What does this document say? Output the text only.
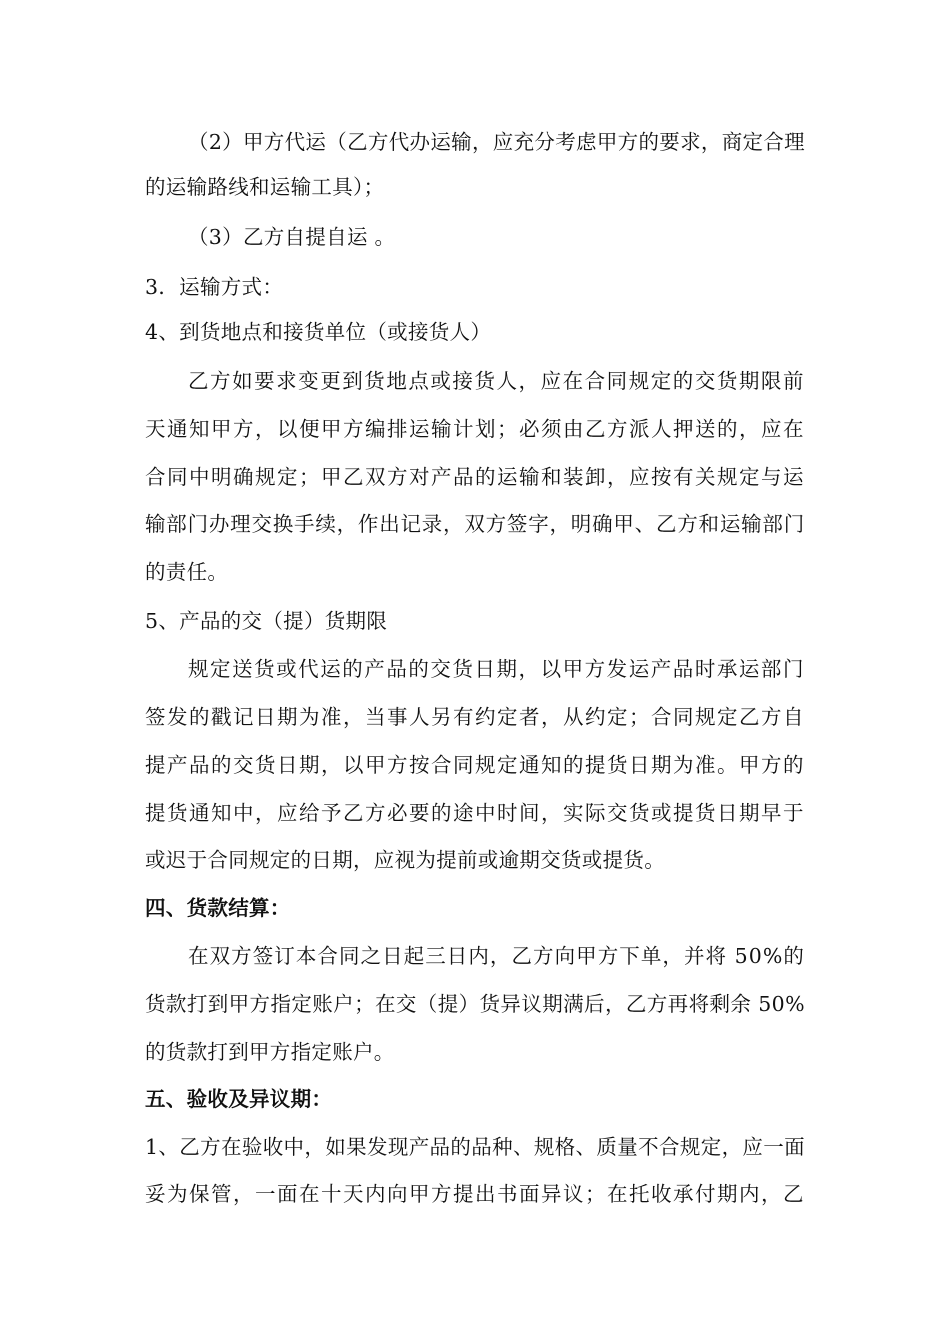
（2）甲方代运（乙方代办运输，应充分考虑甲方的要求，商定合理
的运输路线和运输工具）；
（3）乙方自提自运 。
3．运输方式：
4、到货地点和接货单位（或接货人）
乙方如要求变更到货地点或接货人，应在合同规定的交货期限前
天通知甲方，以便甲方编排运输计划；必须由乙方派人押送的，应在
合同中明确规定；甲乙双方对产品的运输和装卸，应按有关规定与运
输部门办理交换手续，作出记录，双方签字，明确甲、乙方和运输部门
的责任。
5、产品的交（提）货期限
规定送货或代运的产品的交货日期，以甲方发运产品时承运部门
签发的戳记日期为准，当事人另有约定者，从约定；合同规定乙方自
提产品的交货日期，以甲方按合同规定通知的提货日期为准。甲方的
提货通知中，应给予乙方必要的途中时间，实际交货或提货日期早于
或迟于合同规定的日期，应视为提前或逾期交货或提货。
四、货款结算：
在双方签订本合同之日起三日内，乙方向甲方下单，并将 50%的
货款打到甲方指定账户；在交（提）货异议期满后，乙方再将剩余 50%
的货款打到甲方指定账户。
五、验收及异议期：
1、乙方在验收中，如果发现产品的品种、规格、质量不合规定，应一面
妥为保管，一面在十天内向甲方提出书面异议；在托收承付期内，乙
